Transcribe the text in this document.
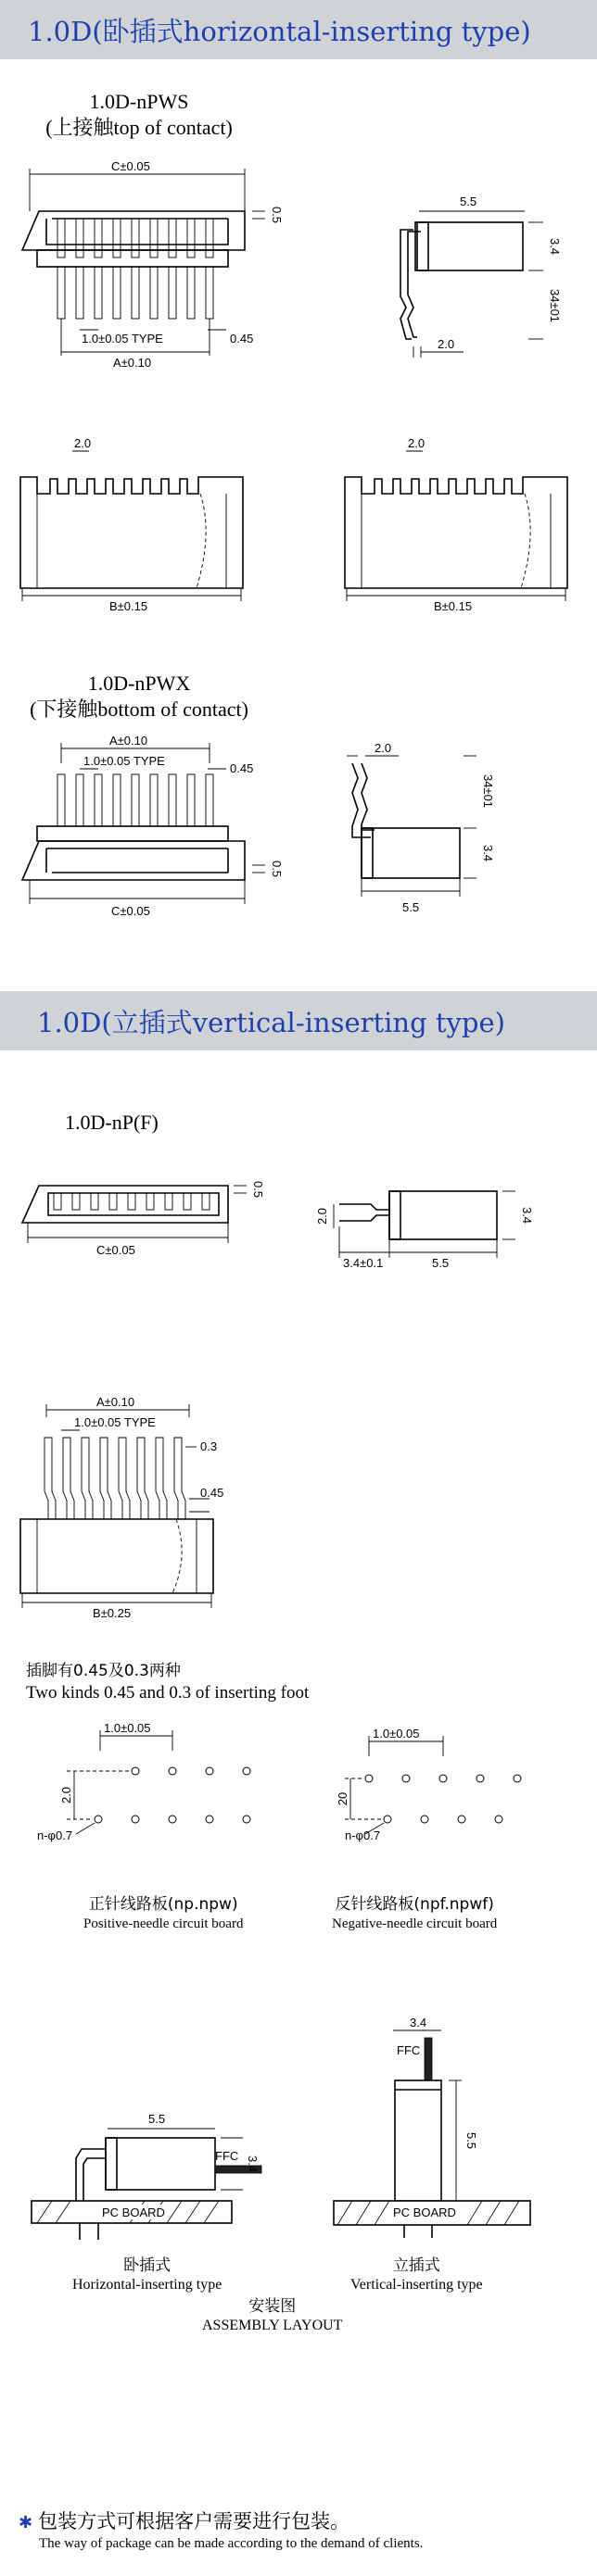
1.0D(卧插式horizontal-inserting type)
1.0D-nPWS
(上接触top of contact)
C±0.05
0.5
1.0±0.05 TYPE	0.45
A±0.10
5.5
3.4
34±01
2.0
2.0
B±0.15
2.0
B±0.15
1.0D-nPWX
(下接触bottom of contact)
A±0.10
1.0±0.05 TYPE
0.45
0.5
C±0.05
2.0
34±01
3.4
5.5
1.0D(立插式vertical-inserting type)
1.0D-nP(F)
0.5
C±0.05
2.0	3.4
3.4±0.1	5.5
A±0.10
1.0±0.05 TYPE
0.3
0.45
B±0.25
插脚有0.45及0.3两种
Two kinds 0.45 and 0.3 of inserting foot
1.0±0.05
2.0
n-φ0.7
1.0±0.05
20
n-φ0.7
正针线路板(np.npw)
Positive-needle circuit board
反针线路板(npf.npwf)
Negative-needle circuit board
5.5
FFC 3.4
PC BOARD
3.4
FFC
5.5
PC BOARD
卧插式
Horizontal-inserting type
立插式
Vertical-inserting type
安装图
ASSEMBLY LAYOUT
✱ 包装方式可根据客户需要进行包装。
The way of package can be made according to the demand of clients.
